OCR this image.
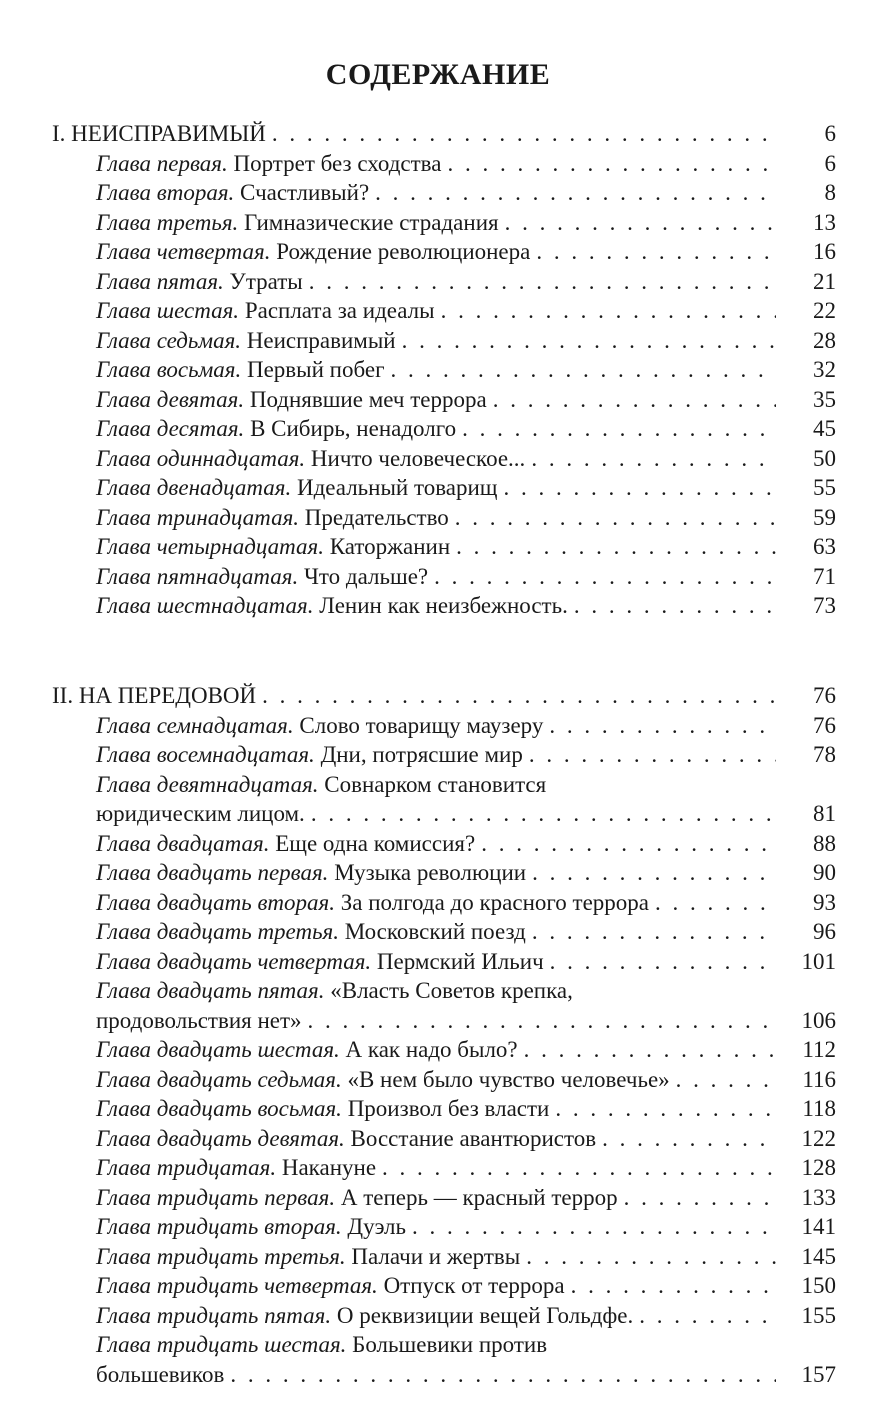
СОДЕРЖАНИЕ
I. НЕИСПРАВИМЫЙ . . .	6
Глава первая. Портрет без сходства . . .	6
Глава вторая. Счастливый? . . .	8
Глава третья. Гимназические страдания . . .	13
Глава четвертая. Рождение революционера . . .	16
Глава пятая. Утраты . . .	21
Глава шестая. Расплата за идеалы . . .	22
Глава седьмая. Неисправимый . . .	28
Глава восьмая. Первый побег . . .	32
Глава девятая. Поднявшие меч террора . . .	35
Глава десятая. В Сибирь, ненадолго . . .	45
Глава одиннадцатая. Ничто человеческое... . . .	50
Глава двенадцатая. Идеальный товарищ . . .	55
Глава тринадцатая. Предательство . . .	59
Глава четырнадцатая. Каторжанин . . .	63
Глава пятнадцатая. Что дальше? . . .	71
Глава шестнадцатая. Ленин как неизбежность. . . .	73
II. НА ПЕРЕДОВОЙ . . .	76
Глава семнадцатая. Слово товарищу маузеру . . .	76
Глава восемнадцатая. Дни, потрясшие мир . . .	78
Глава девятнадцатая. Совнарком становится
юридическим лицом. . . .	81
Глава двадцатая. Еще одна комиссия? . . .	88
Глава двадцать первая. Музыка революции . . .	90
Глава двадцать вторая. За полгода до красного террора . . .	93
Глава двадцать третья. Московский поезд . . .	96
Глава двадцать четвертая. Пермский Ильич . . .	101
Глава двадцать пятая. «Власть Советов крепка,
продовольствия нет» . . .	106
Глава двадцать шестая. А как надо было? . . .	112
Глава двадцать седьмая. «В нем было чувство человечье» . . .	116
Глава двадцать восьмая. Произвол без власти . . .	118
Глава двадцать девятая. Восстание авантюристов . . .	122
Глава тридцатая. Накануне . . .	128
Глава тридцать первая. А теперь — красный террор . . .	133
Глава тридцать вторая. Дуэль . . .	141
Глава тридцать третья. Палачи и жертвы . . .	145
Глава тридцать четвертая. Отпуск от террора . . .	150
Глава тридцать пятая. О реквизиции вещей Гольдфе. . . .	155
Глава тридцать шестая. Большевики против
большевиков . . .	157
